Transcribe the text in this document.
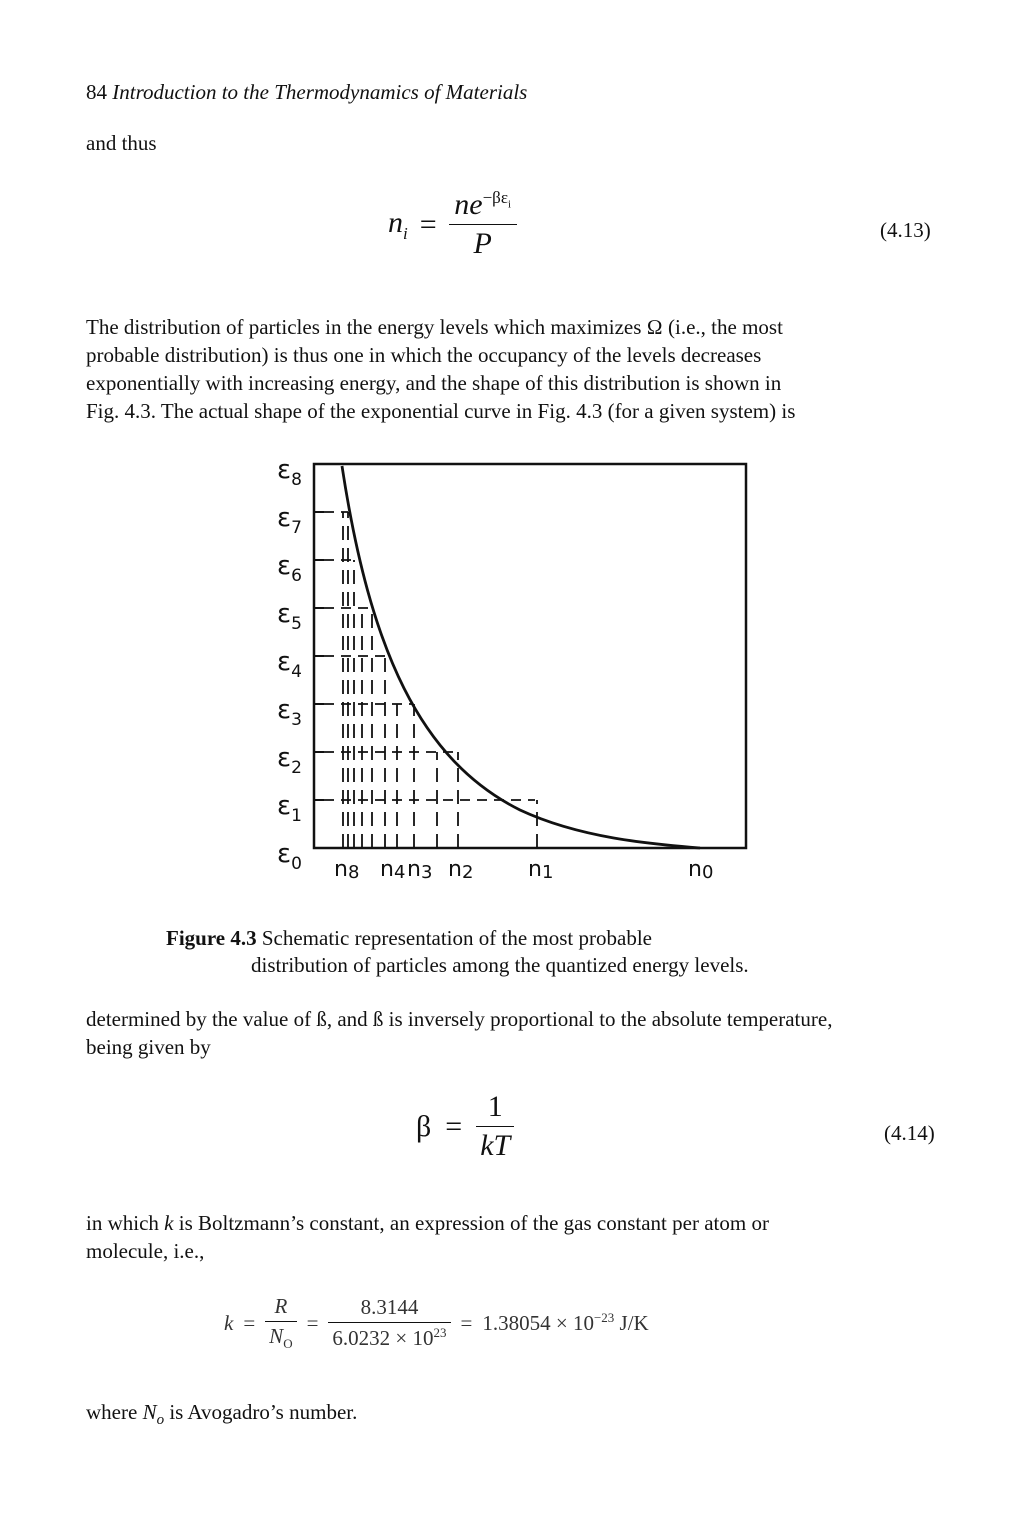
84 Introduction to the Thermodynamics of Materials
and thus
$n_i = \frac{ne^{-\beta\varepsilon_i}}{P}$	(4.13)
The distribution of particles in the energy levels which maximizes Ω (i.e., the most
probable distribution) is thus one in which the occupancy of the levels decreases
exponentially with increasing energy, and the shape of this distribution is shown in
Fig. 4.3. The actual shape of the exponential curve in Fig. 4.3 (for a given system) is
$\varepsilon_8$
$\varepsilon_7$
$\varepsilon_6$
$\varepsilon_5$
$\varepsilon_4$
$\varepsilon_3$
$\varepsilon_2$
$\varepsilon_1$
$\varepsilon_0$ n8 n4 n3 n2 n1	n0
Figure 4.3 Schematic representation of the most probable
distribution of particles among the quantized energy levels.
determined by the value of ß, and ß is inversely proportional to the absolute temperature,
being given by
$\beta = \frac{1}{kT}$	(4.14)
in which k is Boltzmann’s constant, an expression of the gas constant per atom or
molecule, i.e.,
$k = \frac{R}{N_O} = \frac{8.3144}{6.0232 \times 10^{23}} = 1.38054 \times 10^{-23}$ J/K
where $N_o$ is Avogadro’s number.
